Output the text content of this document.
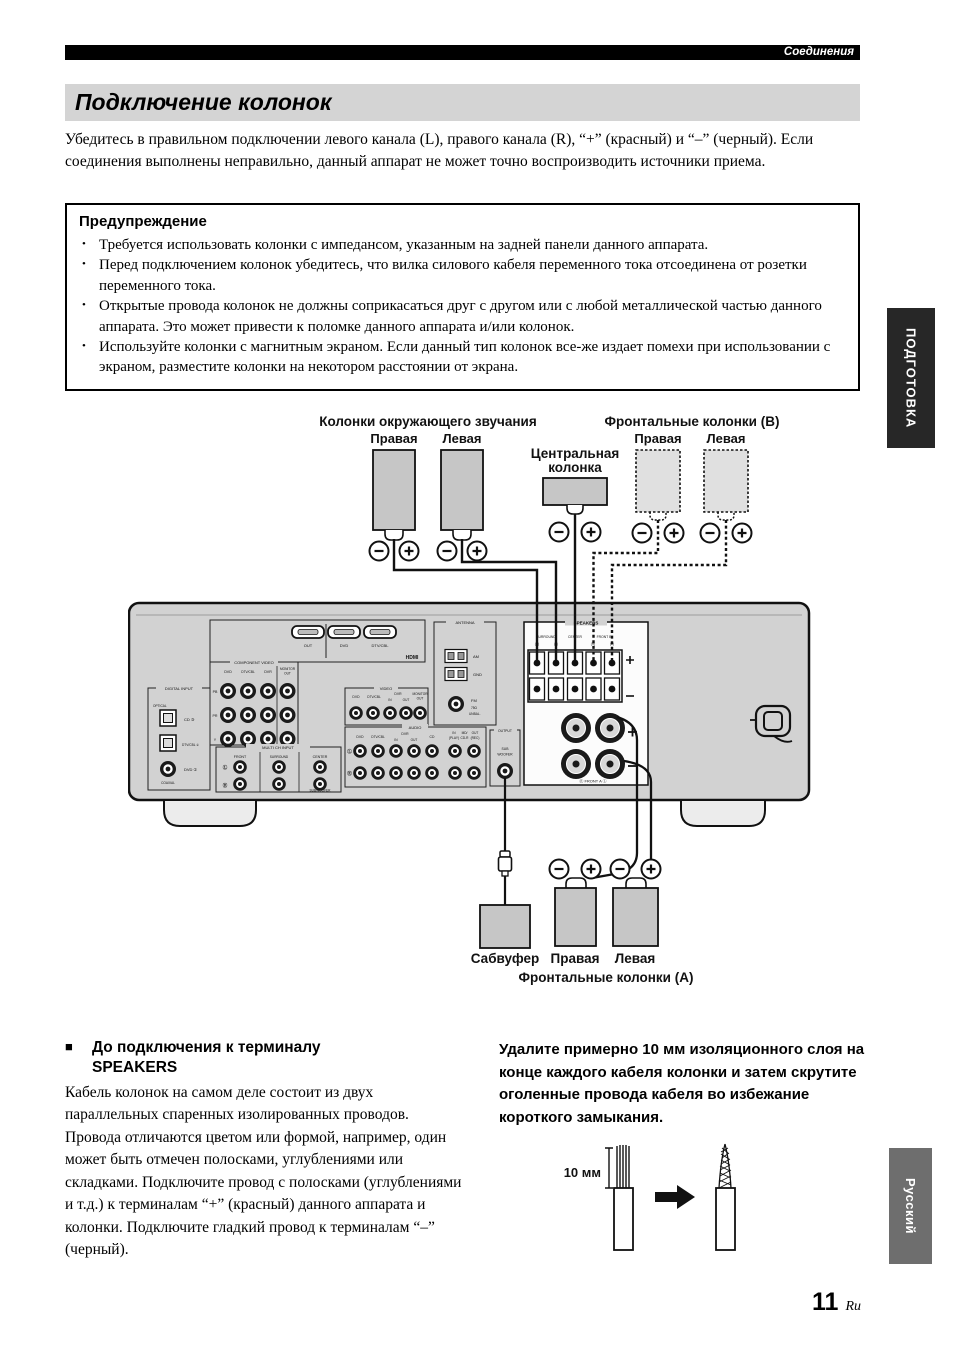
Соединения
Подключение колонок
Убедитесь в правильном подключении левого канала (L), правого канала (R), “+” (красный) и “–” (черный). Если соединения выполнены неправильно, данный аппарат не может точно воспроизводить источники приема.
Предупреждение
• Требуется использовать колонки с импедансом, указанным на задней панели данного аппарата.
• Перед подключением колонок убедитесь, что вилка силового кабеля переменного тока отсоединена от розетки переменного тока.
• Открытые провода колонок не должны соприкасаться друг с другом или с любой металлической частью данного аппарата. Это может привести к поломке данного аппарата и/или колонок.
• Используйте колонки с магнитным экраном. Если данный тип колонок все-же издает помехи при использовании с экраном, разместите колонки на некотором расстоянии от экрана.	ПОДГОТОВКА
Колонки окружающего звучания
Правая Левая
Фронтальные колонки (B)
Правая Левая
Центральная
колонка
OUT	DVD	DTV/CBL
HDMI
COMPONENT VIDEO
DVD	DTV/CBL	DVR
MONITOR
OUT
PB
PR
Y
DIGITAL INPUT
OPTICAL
CD ③
DTV/CBL ②
DVD ①
COAXIAL
MULTI CH INPUT
FRONT	SURROUND	CENTER
Ⓛ
Ⓡ
SUBWOOFER
VIDEO
DVD DTV/CBL
DVR
IN	OUT
MONITOR
OUT
AUDIO
DVD DTV/CBL
DVR
IN	OUT
CD
Ⓛ
Ⓡ
IN MD/ OUT
(PLAY) CD-R (REC)
ANTENNA
AM
GND
FM
75Ω
UNBAL.
OUTPUT
SUB
WOOFER
SPEAKERS
SURROUND	CENTER	FRONT B
(R)	(L)	(R)	(L)
Ⓡ FRONT A Ⓛ
Сабвуфер Правая Левая
Фронтальные колонки (А)
■	До подключения к терминалу
SPEAKERS
Кабель колонок на самом деле состоит из двух параллельных спаренных изолированных проводов. Провода отличаются цветом или формой, например, один может быть отмечен полосками, углублениями или складками. Подключите провод с полосками (углублениями и т.д.) к терминалам “+” (красный) данного аппарата и колонки. Подключите гладкий провод к терминалам “–” (черный).
Удалите примерно 10 мм изоляционного слоя на конце каждого кабеля колонки и затем скрутите оголенные провода кабеля во избежание короткого замыкания.
10 мм
Русский
11 Ru
